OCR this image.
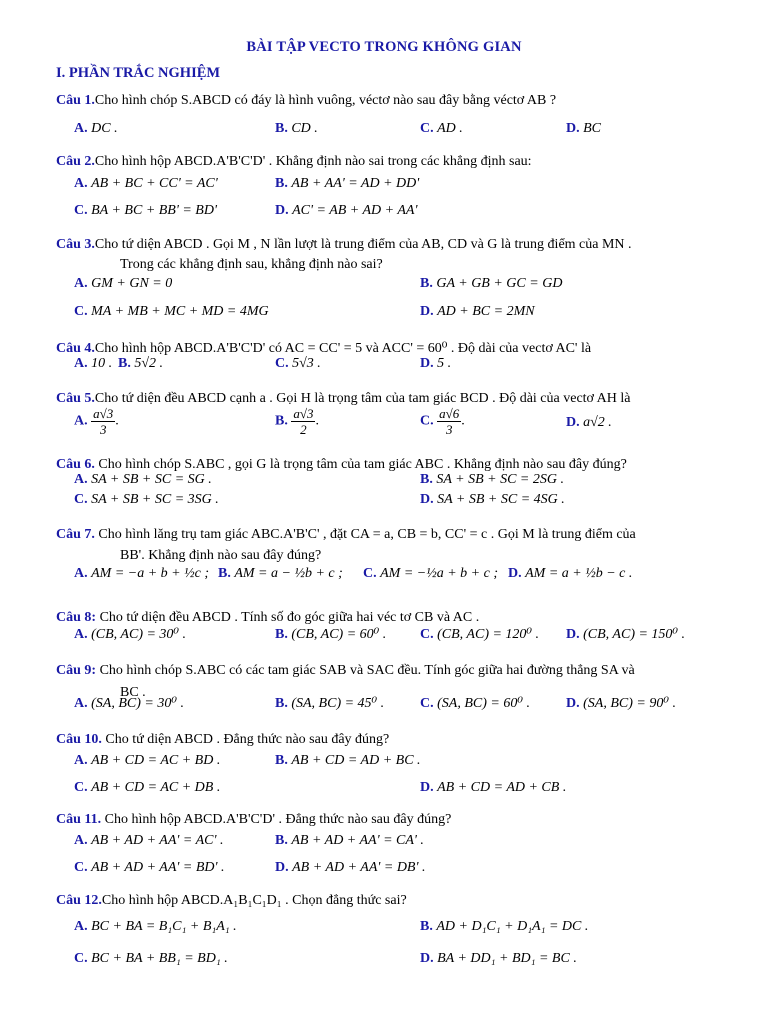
BÀI TẬP VECTO TRONG KHÔNG GIAN
I. PHẦN TRẮC NGHIỆM
Câu 1.Cho hình chóp S.ABCD có đáy là hình vuông, véctơ nào sau đây bằng véctơ AB ?
A. DC .	B. CD .	C. AD .	D. BC
Câu 2.Cho hình hộp ABCD.A'B'C'D' . Khẳng định nào sai trong các khẳng định sau:
A. AB + BC + CC' = AC'	B. AB + AA' = AD + DD'
C. BA + BC + BB' = BD'	D. AC' = AB + AD + AA'
Câu 3.Cho tứ diện ABCD . Gọi M , N lần lượt là trung điểm của AB, CD và G là trung điểm của MN .
Trong các khẳng định sau, khẳng định nào sai?
A. GM + GN = 0	B. GA + GB + GC = GD
C. MA + MB + MC + MD = 4MG	D. AD + BC = 2MN
Câu 4.Cho hình hộp ABCD.A'B'C'D' có AC = CC' = 5 và ACC' = 60⁰ . Độ dài của vectơ AC' là
A. 10 . B. 5√2 .	C. 5√3 .	D. 5 .
Câu 5.Cho tứ diện đều ABCD cạnh a . Gọi H là trọng tâm của tam giác BCD . Độ dài của vectơ AH là
A. $\frac{a√3}{3}$ .	B. $\frac{a√3}{2}$ .	C. $\frac{a√6}{3}$ .	D. a√2 .
Câu 6. Cho hình chóp S.ABC , gọi G là trọng tâm của tam giác ABC . Khẳng định nào sau đây đúng?
A. SA + SB + SC = SG .	B. SA + SB + SC = 2SG .
C. SA + SB + SC = 3SG .	D. SA + SB + SC = 4SG .
Câu 7. Cho hình lăng trụ tam giác ABC.A'B'C' , đặt CA = a, CB = b, CC' = c . Gọi M là trung điểm của
BB'. Khẳng định nào sau đây đúng?
A. AM = −a + b + ½c ; B. AM = a − ½b + c ; C. AM = −½a + b + c ; D. AM = a + ½b − c .
Câu 8: Cho tứ diện đều ABCD . Tính số đo góc giữa hai véc tơ CB và AC .
A. (CB, AC) = 30⁰ .	B. (CB, AC) = 60⁰ . C. (CB, AC) = 120⁰ . D. (CB, AC) = 150⁰ .
Câu 9: Cho hình chóp S.ABC có các tam giác SAB và SAC đều. Tính góc giữa hai đường thẳng SA và
BC .
A. (SA, BC) = 30⁰ .	B. (SA, BC) = 45⁰ .	C. (SA, BC) = 60⁰ .	D. (SA, BC) = 90⁰ .
Câu 10. Cho tứ diện ABCD . Đẳng thức nào sau đây đúng?
A. AB + CD = AC + BD .	B. AB + CD = AD + BC .
C. AB + CD = AC + DB .	D. AB + CD = AD + CB .
Câu 11. Cho hình hộp ABCD.A'B'C'D' . Đẳng thức nào sau đây đúng?
A. AB + AD + AA' = AC' .	B. AB + AD + AA' = CA' .
C. AB + AD + AA' = BD' .	D. AB + AD + AA' = DB' .
Câu 12.Cho hình hộp ABCD.A₁B₁C₁D₁ . Chọn đẳng thức sai?
A. BC + BA = B₁C₁ + B₁A₁ .	B. AD + D₁C₁ + D₁A₁ = DC .
C. BC + BA + BB₁ = BD₁ .	D. BA + DD₁ + BD₁ = BC .
